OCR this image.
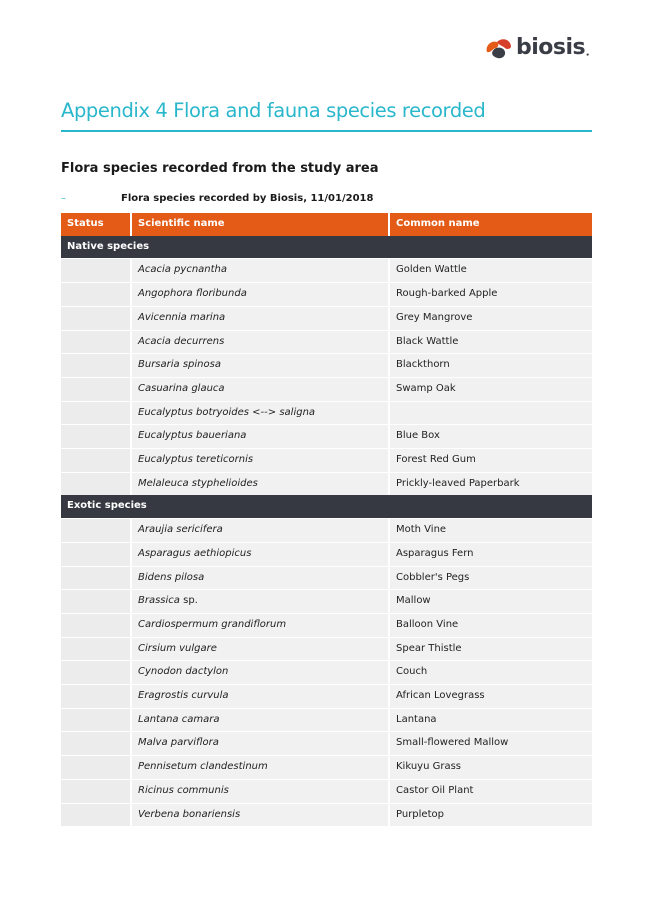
biosis ●
Appendix 4 Flora and fauna species recorded
Flora species recorded from the study area
–	Flora species recorded by Biosis, 11/01/2018
Status	Scientific name	Common name
Native species		
	Acacia pycnantha	Golden Wattle
	Angophora floribunda	Rough-barked Apple
	Avicennia marina	Grey Mangrove
	Acacia decurrens	Black Wattle
	Bursaria spinosa	Blackthorn
	Casuarina glauca	Swamp Oak
	Eucalyptus botryoides <--> saligna	
	Eucalyptus baueriana	Blue Box
	Eucalyptus tereticornis	Forest Red Gum
	Melaleuca styphelioides	Prickly-leaved Paperbark
Exotic species		
	Araujia sericifera	Moth Vine
	Asparagus aethiopicus	Asparagus Fern
	Bidens pilosa	Cobbler's Pegs
	Brassica sp.	Mallow
	Cardiospermum grandiflorum	Balloon Vine
	Cirsium vulgare	Spear Thistle
	Cynodon dactylon	Couch
	Eragrostis curvula	African Lovegrass
	Lantana camara	Lantana
	Malva parviflora	Small-flowered Mallow
	Pennisetum clandestinum	Kikuyu Grass
	Ricinus communis	Castor Oil Plant
	Verbena bonariensis	Purpletop
